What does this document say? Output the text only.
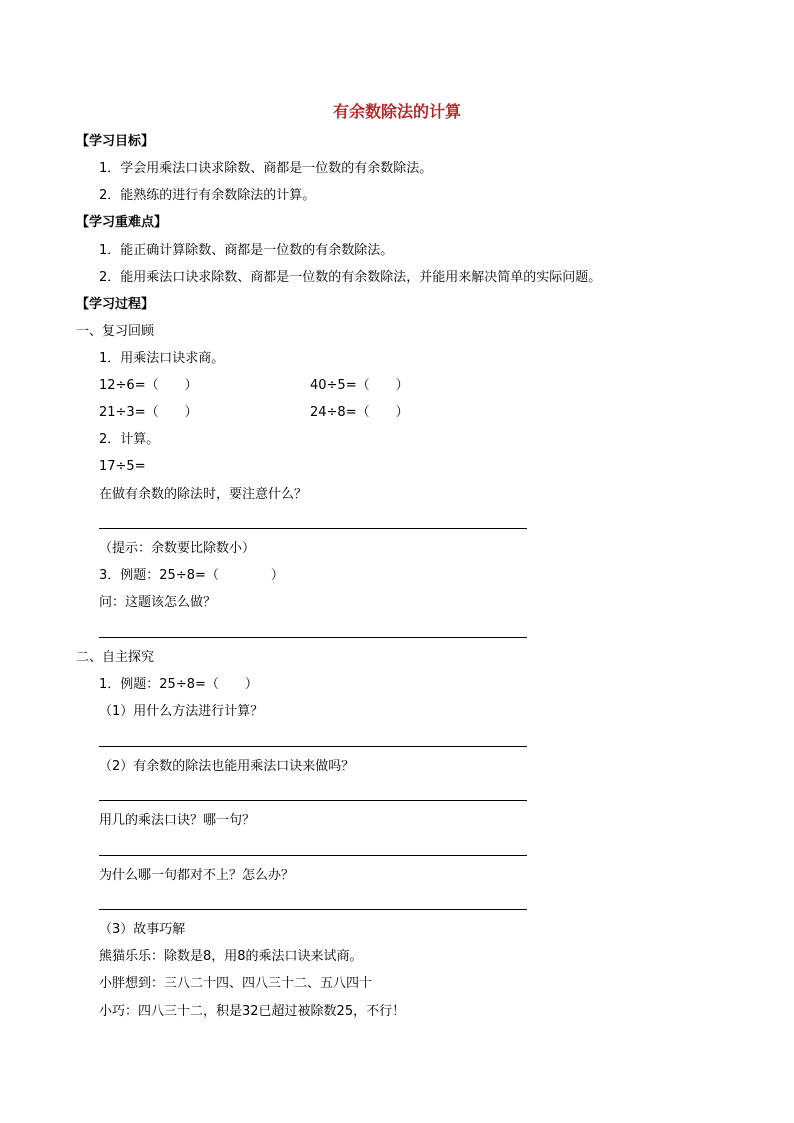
有余数除法的计算
【学习目标】
1．学会用乘法口诀求除数、商都是一位数的有余数除法。
2．能熟练的进行有余数除法的计算。
【学习重难点】
1．能正确计算除数、商都是一位数的有余数除法。
2．能用乘法口诀求除数、商都是一位数的有余数除法，并能用来解决简单的实际问题。
【学习过程】
一、复习回顾
1．用乘法口诀求商。
12÷6=（　　）	40÷5=（　　）
21÷3=（　　）	24÷8=（　　）
2．计算。
17÷5=
在做有余数的除法时，要注意什么？
（提示：余数要比除数小）
3．例题：25÷8=（　　　　）
问：这题该怎么做？
二、自主探究
1．例题：25÷8=（　　）
（1）用什么方法进行计算？
（2）有余数的除法也能用乘法口诀来做吗？
用几的乘法口诀？哪一句？
为什么哪一句都对不上？怎么办？
（3）故事巧解
熊猫乐乐：除数是8，用8的乘法口诀来试商。
小胖想到：三八二十四、四八三十二、五八四十
小巧：四八三十二，积是32已超过被除数25，不行！
